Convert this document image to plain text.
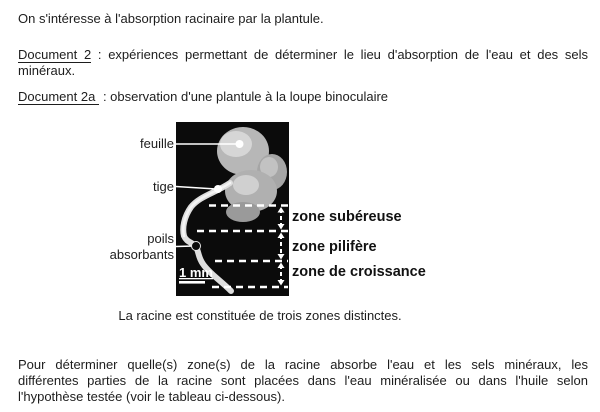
On s'intéresse à l'absorption racinaire par la plantule.
Document 2 : expériences permettant de déterminer le lieu d'absorption de l'eau et des sels
minéraux.
Document 2a : observation d'une plantule à la loupe binoculaire
feuille
tige
poils
absorbants
1 mm
zone subéreuse
zone pilifère
zone de croissance
La racine est constituée de trois zones distinctes.
Pour déterminer quelle(s) zone(s) de la racine absorbe l'eau et les sels minéraux, les
différentes parties de la racine sont placées dans l'eau minéralisée ou dans l'huile selon
l'hypothèse testée (voir le tableau ci-dessous).
